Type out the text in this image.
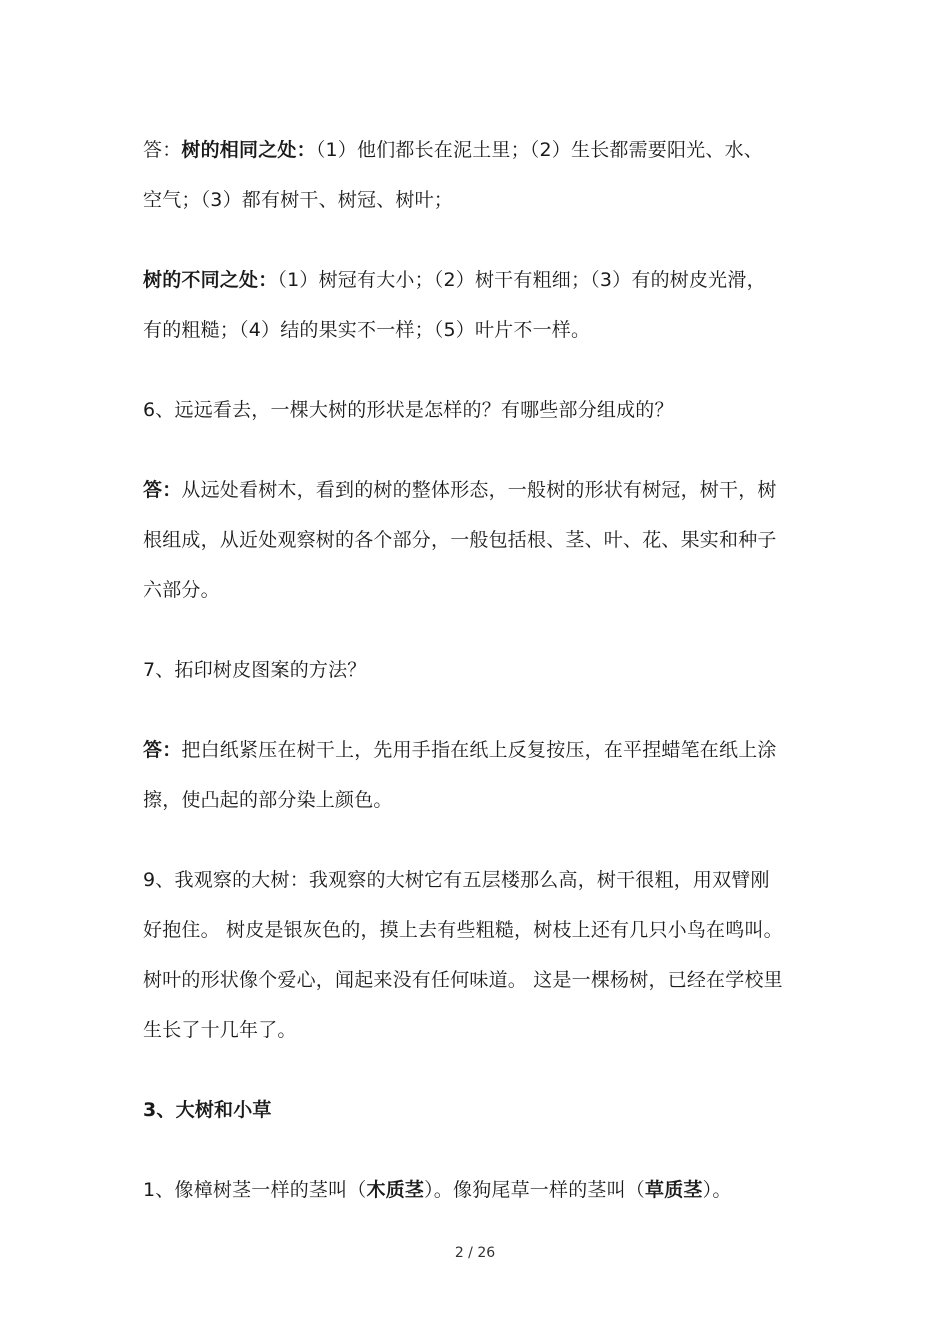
答：树的相同之处：（1）他们都长在泥土里；（2）生长都需要阳光、水、
空气；（3）都有树干、树冠、树叶；
树的不同之处：（1）树冠有大小；（2）树干有粗细；（3）有的树皮光滑，
有的粗糙；（4）结的果实不一样；（5）叶片不一样。
6、远远看去，一棵大树的形状是怎样的？有哪些部分组成的？
答：从远处看树木，看到的树的整体形态，一般树的形状有树冠，树干，树
根组成，从近处观察树的各个部分，一般包括根、茎、叶、花、果实和种子
六部分。
7、拓印树皮图案的方法？
答：把白纸紧压在树干上，先用手指在纸上反复按压，在平捏蜡笔在纸上涂
擦，使凸起的部分染上颜色。
9、我观察的大树：我观察的大树它有五层楼那么高，树干很粗，用双臂刚
好抱住。 树皮是银灰色的，摸上去有些粗糙，树枝上还有几只小鸟在鸣叫。
树叶的形状像个爱心，闻起来没有任何味道。 这是一棵杨树，已经在学校里
生长了十几年了。
3、大树和小草
1、像樟树茎一样的茎叫（木质茎）。像狗尾草一样的茎叫（草质茎）。
2 / 26
